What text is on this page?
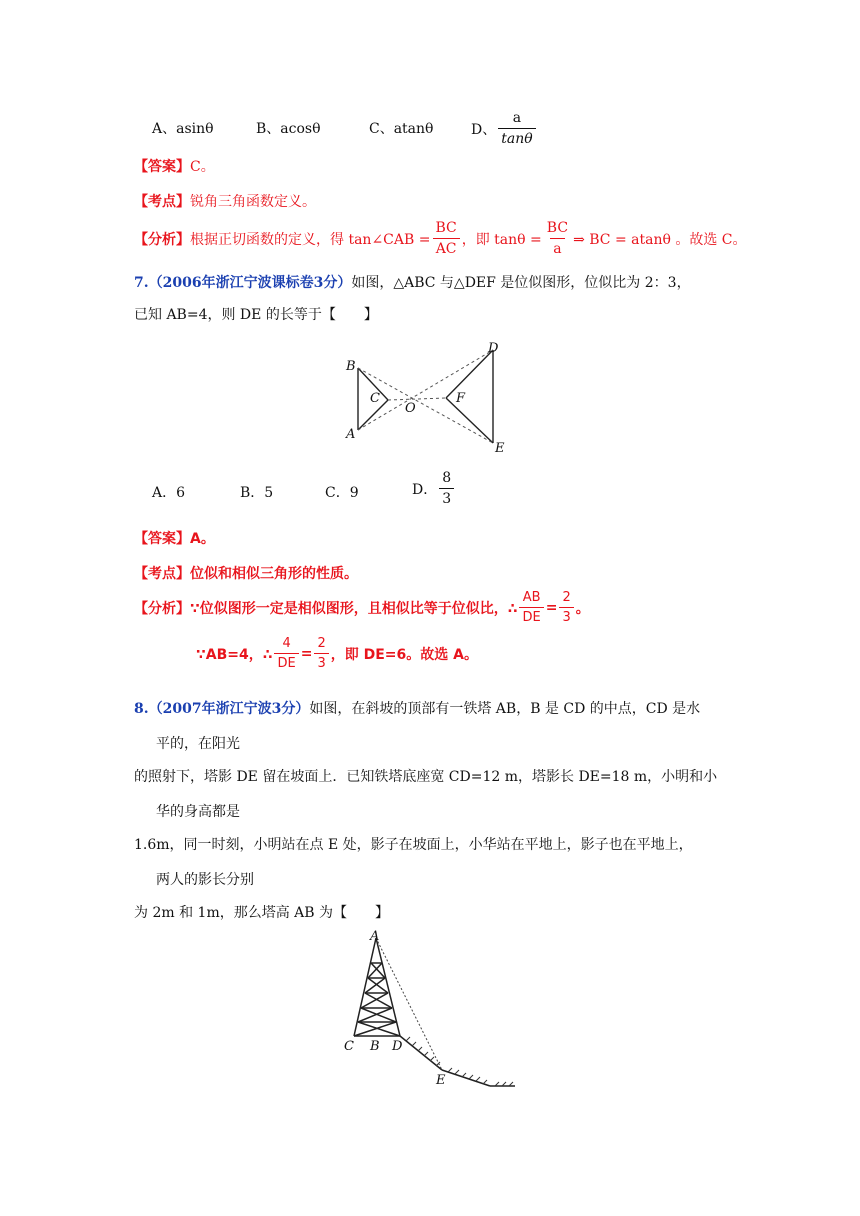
A、asinθ	B、acosθ	C、atanθ	D、 $\frac{a}{\tan\theta}$
【答案】C。
【考点】锐角三角函数定义。
【分析】 根据正切函数的定义，得 tan∠CAB = $\frac{BC}{AC}$ ，即 $\tan\theta = \frac{BC}{a}$ ⇒ BC = atanθ 。故选 C。
7.（2006年浙江宁波课标卷3分）如图，△ABC 与△DEF 是位似图形，位似比为 2：3，
已知 AB=4，则 DE 的长等于【　　】
B
C
A
O
D
F
E
A．6	B．5	C．9	D． $\frac{8}{3}$
【答案】A。
【考点】位似和相似三角形的性质。
【分析】 ∵位似图形一定是相似图形，且相似比等于位似比，∴ $\frac{AB}{DE} = \frac{2}{3}$ 。
∵AB=4，∴ $\frac{4}{DE} = \frac{2}{3}$ ，即 DE=6。故选 A。
8.（2007年浙江宁波3分）如图，在斜坡的顶部有一铁塔 AB，B 是 CD 的中点，CD 是水
平的，在阳光
的照射下，塔影 DE 留在坡面上．已知铁塔底座宽 CD=12 m，塔影长 DE=18 m，小明和小
华的身高都是
1.6m，同一时刻，小明站在点 E 处，影子在坡面上，小华站在平地上，影子也在平地上，
两人的影长分别
为 2m 和 1m，那么塔高 AB 为【　　】
A
C B D
E
